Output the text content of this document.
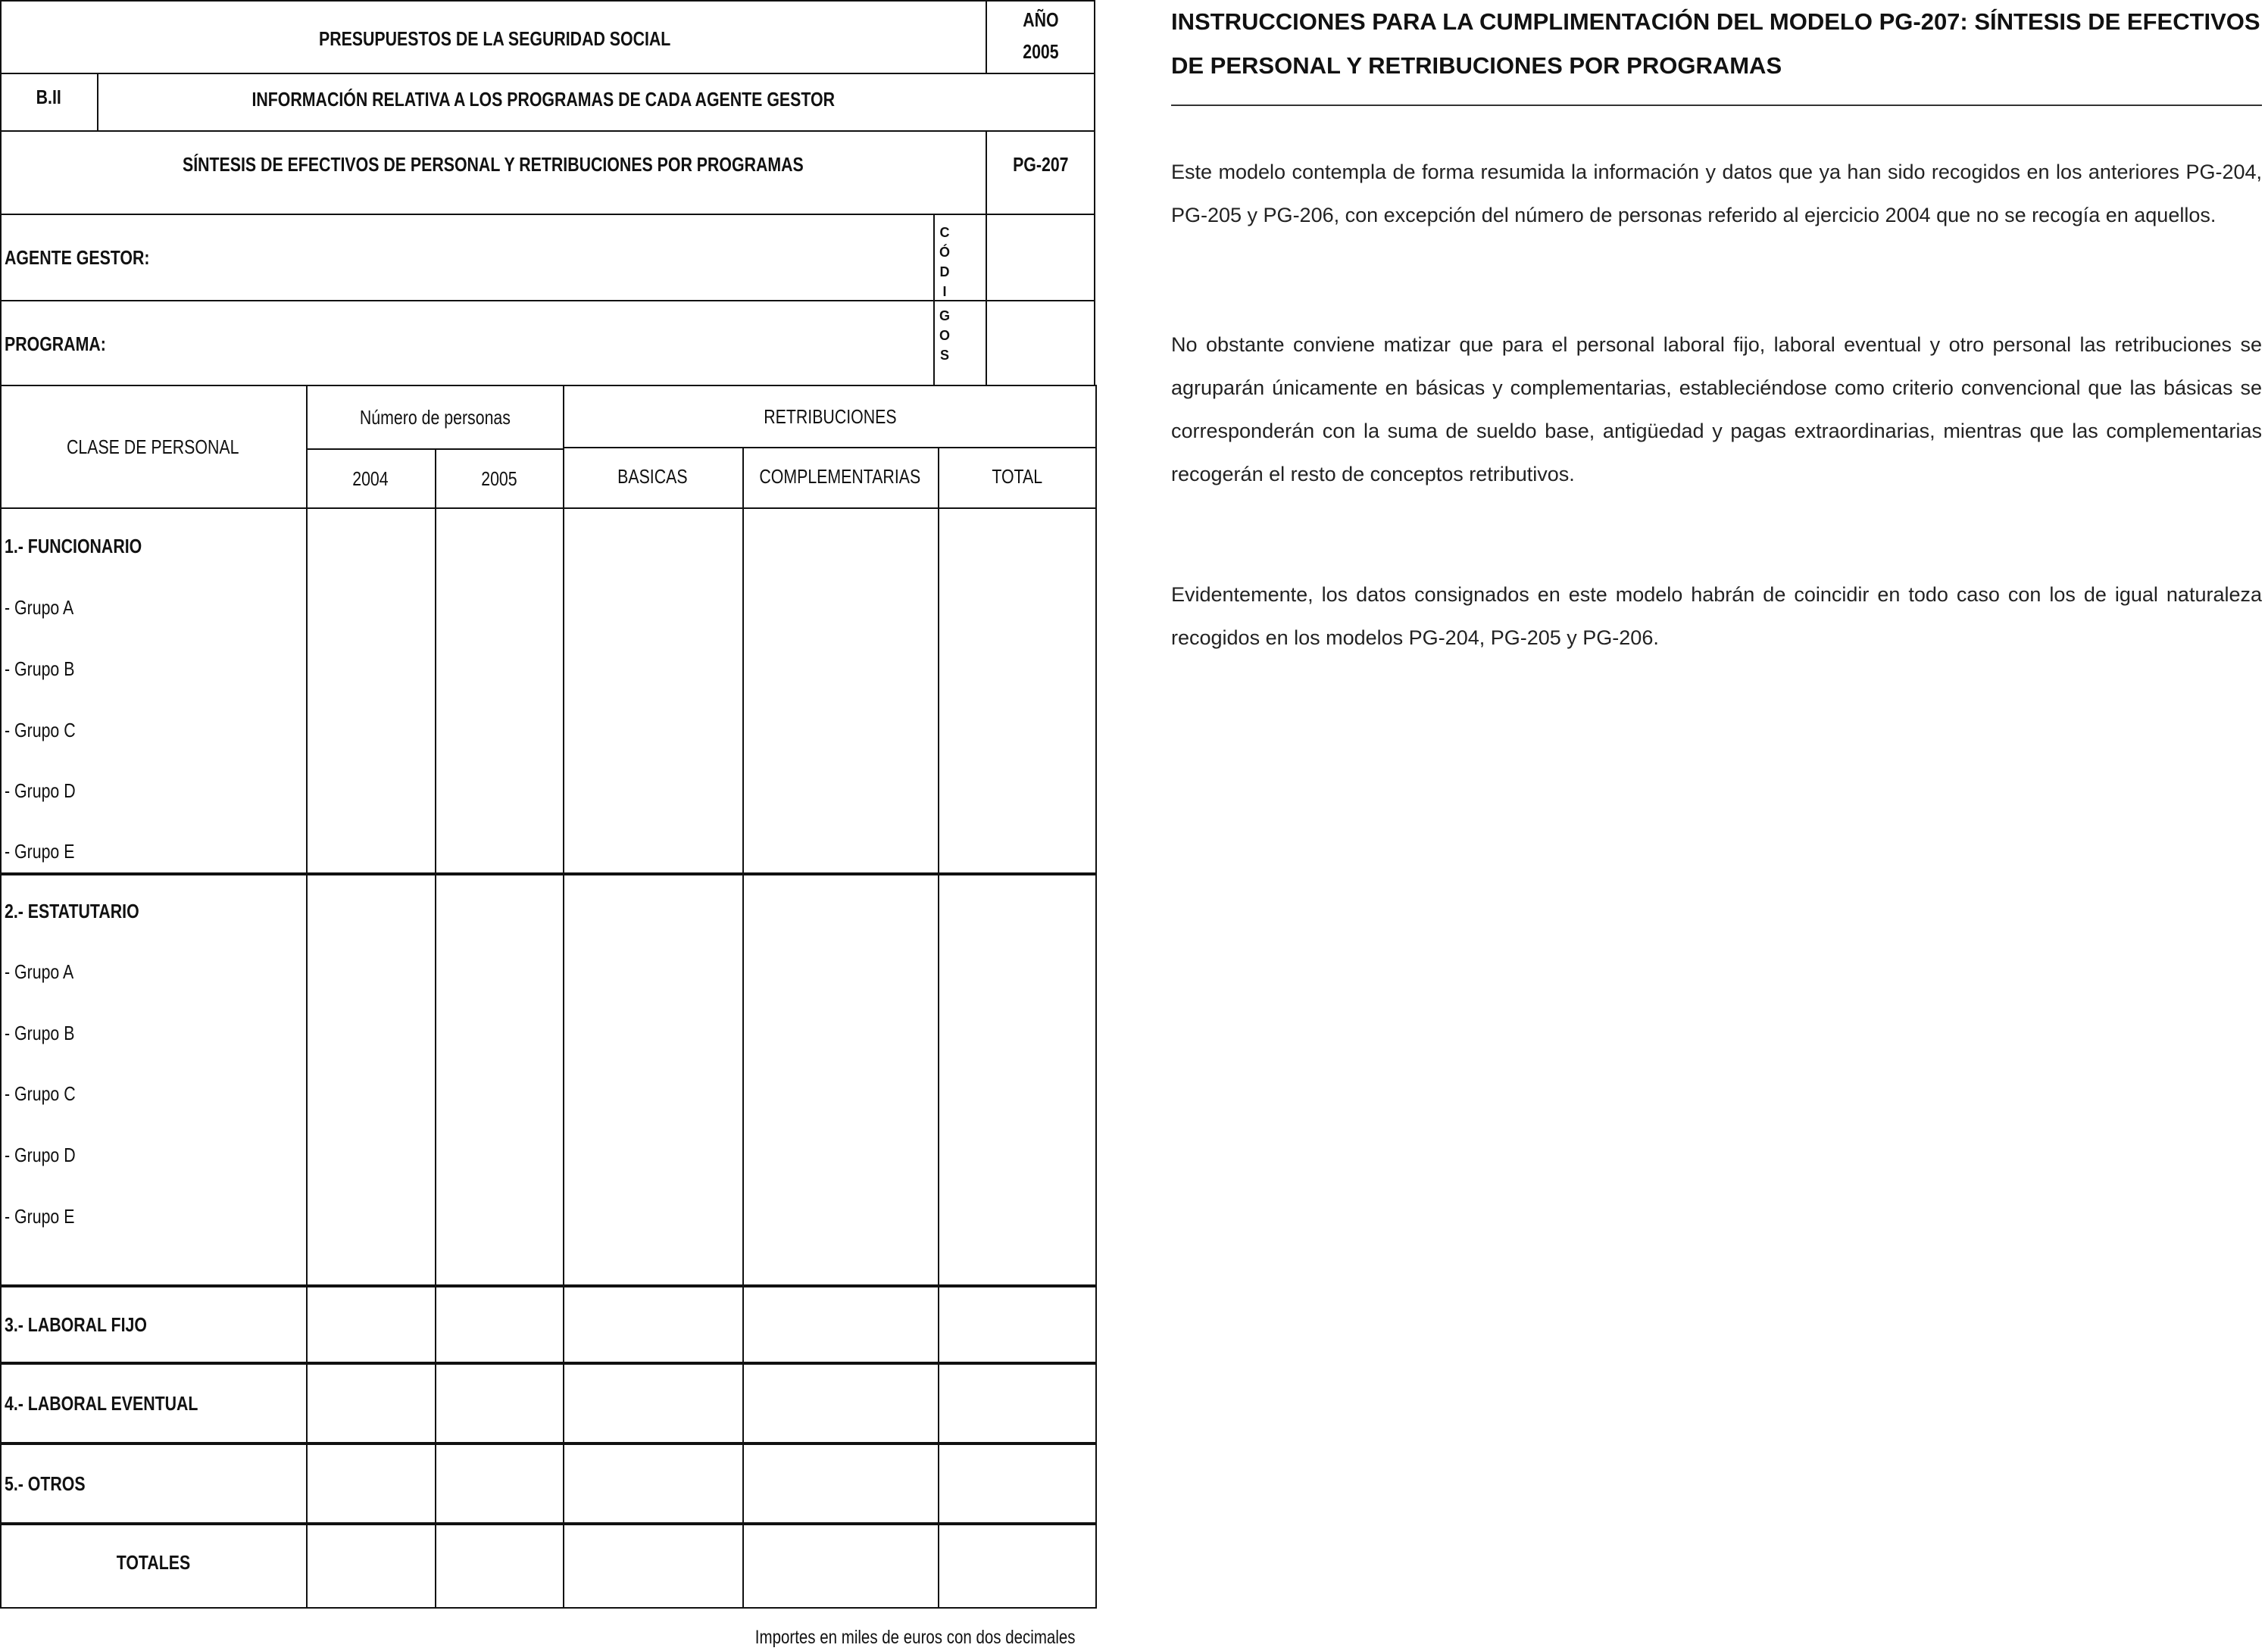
PRESUPUESTOS DE LA SEGURIDAD SOCIAL
AÑO
2005
B.II	INFORMACIÓN RELATIVA A LOS PROGRAMAS DE CADA AGENTE GESTOR
SÍNTESIS DE EFECTIVOS DE PERSONAL Y RETRIBUCIONES POR PROGRAMAS	PG-207
AGENTE GESTOR:
PROGRAMA:
C
Ó
D
I
G
O
S
CLASE DE PERSONAL
Número de personas	RETRIBUCIONES
2004	2005	BASICAS	COMPLEMENTARIAS	TOTAL
1.- FUNCIONARIO
- Grupo A
- Grupo B
- Grupo C
- Grupo D
- Grupo E
2.- ESTATUTARIO
- Grupo A
- Grupo B
- Grupo C
- Grupo D
- Grupo E
3.- LABORAL FIJO
4.- LABORAL EVENTUAL
5.- OTROS
TOTALES
Importes en miles de euros con dos decimales
INSTRUCCIONES PARA LA CUMPLIMENTACIÓN DEL MODELO PG-207: SÍNTESIS DE EFECTIVOS DE PERSONAL Y RETRIBUCIONES POR PROGRAMAS

Este modelo contempla de forma resumida la información y datos que ya han sido recogidos en los anteriores PG-204, PG-205 y PG-206, con excepción del número de personas referido al ejercicio 2004 que no se recogía en aquellos.

No obstante conviene matizar que para el personal laboral fijo, laboral eventual y otro personal las retribuciones se agruparán únicamente en básicas y complementarias, estableciéndose como criterio convencional que las básicas se corresponderán con la suma de sueldo base, antigüedad y pagas extraordinarias, mientras que las complementarias recogerán el resto de conceptos retributivos.

Evidentemente, los datos consignados en este modelo habrán de coincidir en todo caso con los de igual naturaleza recogidos en los modelos PG-204, PG-205 y PG-206.
